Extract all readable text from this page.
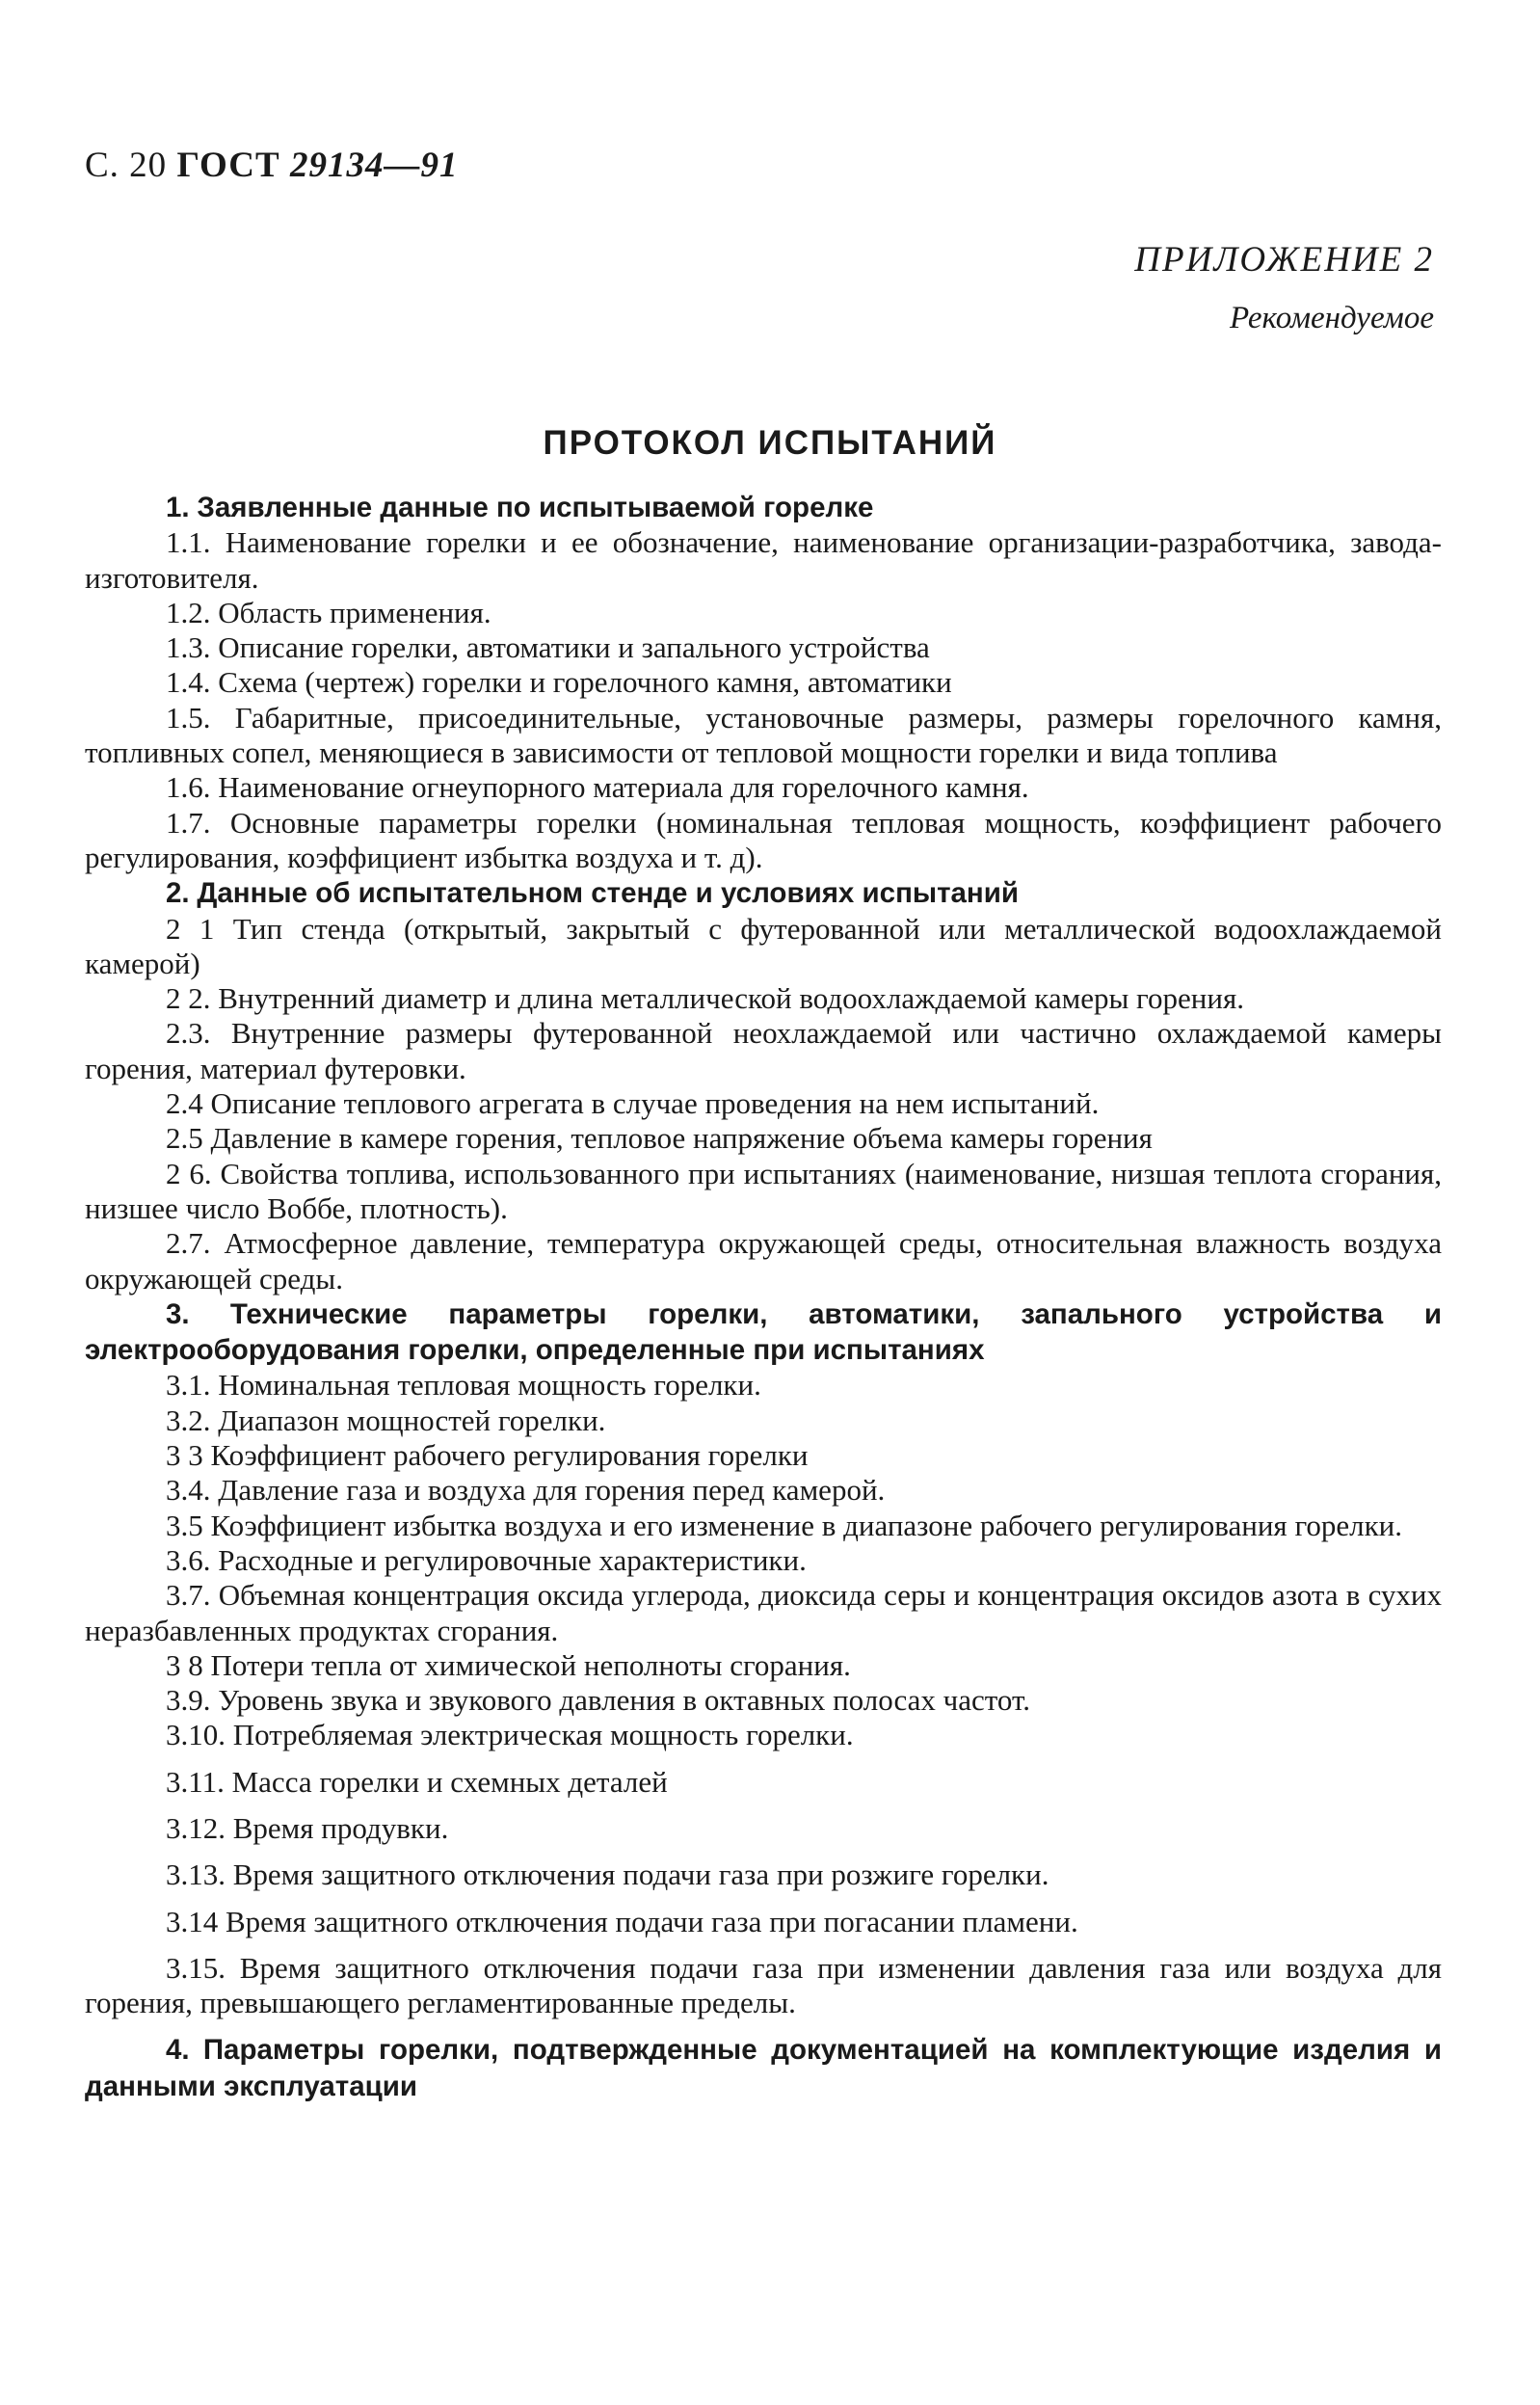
С. 20 ГОСТ 29134—91
ПРИЛОЖЕНИЕ 2
Рекомендуемое
ПРОТОКОЛ ИСПЫТАНИЙ

1. Заявленные данные по испытываемой горелке

1.1. Наименование горелки и ее обозначение, наименование организации-разработчика, завода-изготовителя.

1.2. Область применения.

1.3. Описание горелки, автоматики и запального устройства

1.4. Схема (чертеж) горелки и горелочного камня, автоматики

1.5. Габаритные, присоединительные, установочные размеры, размеры горелочного камня, топливных сопел, меняющиеся в зависимости от тепловой мощности горелки и вида топлива

1.6. Наименование огнеупорного материала для горелочного камня.

1.7. Основные параметры горелки (номинальная тепловая мощность, коэффициент рабочего регулирования, коэффициент избытка воздуха и т. д).

2. Данные об испытательном стенде и условиях испытаний

2 1 Тип стенда (открытый, закрытый с футерованной или металлической водоохлаждаемой камерой)

2 2. Внутренний диаметр и длина металлической водоохлаждаемой камеры горения.

2.3. Внутренние размеры футерованной неохлаждаемой или частично охлаждаемой камеры горения, материал футеровки.

2.4 Описание теплового агрегата в случае проведения на нем испытаний.

2.5 Давление в камере горения, тепловое напряжение объема камеры горения

2 6. Свойства топлива, использованного при испытаниях (наименование, низшая теплота сгорания, низшее число Воббе, плотность).

2.7. Атмосферное давление, температура окружающей среды, относительная влажность воздуха окружающей среды.

3. Технические параметры горелки, автоматики, запального устройства и электрооборудования горелки, определенные при испытаниях

3.1. Номинальная тепловая мощность горелки.

3.2. Диапазон мощностей горелки.

3 3 Коэффициент рабочего регулирования горелки

3.4. Давление газа и воздуха для горения перед камерой.

3.5 Коэффициент избытка воздуха и его изменение в диапазоне рабочего регулирования горелки.

3.6. Расходные и регулировочные характеристики.

3.7. Объемная концентрация оксида углерода, диоксида серы и концентрация оксидов азота в сухих неразбавленных продуктах сгорания.

3 8 Потери тепла от химической неполноты сгорания.

3.9. Уровень звука и звукового давления в октавных полосах частот.

3.10. Потребляемая электрическая мощность горелки.

3.11. Масса горелки и схемных деталей

3.12. Время продувки.

3.13. Время защитного отключения подачи газа при розжиге горелки.

3.14 Время защитного отключения подачи газа при погасании пламени.

3.15. Время защитного отключения подачи газа при изменении давления газа или воздуха для горения, превышающего регламентированные пределы.

4. Параметры горелки, подтвержденные документацией на комплектующие изделия и данными эксплуатации
